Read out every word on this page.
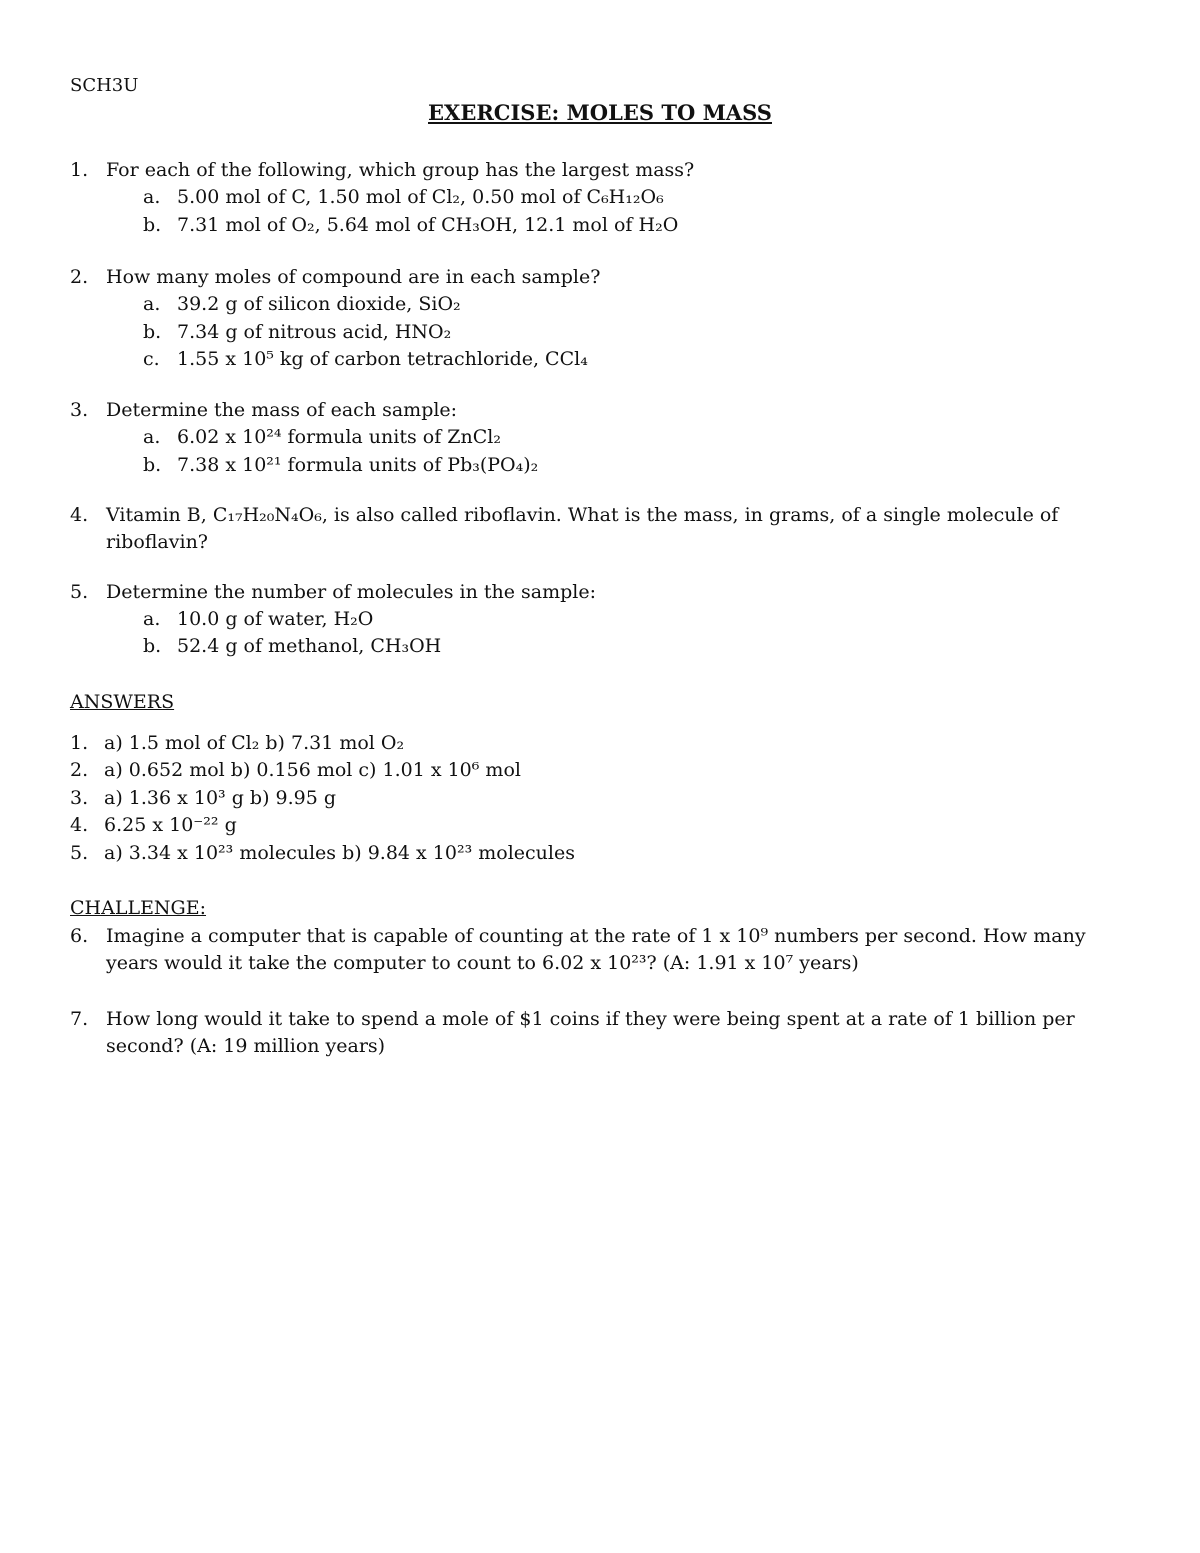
SCH3U
EXERCISE: MOLES TO MASS
1. For each of the following, which group has the largest mass?
a. 5.00 mol of C, 1.50 mol of Cl₂, 0.50 mol of C₆H₁₂O₆
b. 7.31 mol of O₂, 5.64 mol of CH₃OH, 12.1 mol of H₂O
2. How many moles of compound are in each sample?
a. 39.2 g of silicon dioxide, SiO₂
b. 7.34 g of nitrous acid, HNO₂
c. 1.55 x 10⁵ kg of carbon tetrachloride, CCl₄
3. Determine the mass of each sample:
a. 6.02 x 10²⁴ formula units of ZnCl₂
b. 7.38 x 10²¹ formula units of Pb₃(PO₄)₂
4. Vitamin B, C₁₇H₂₀N₄O₆, is also called riboflavin. What is the mass, in grams, of a single molecule of
riboflavin?
5. Determine the number of molecules in the sample:
a. 10.0 g of water, H₂O
b. 52.4 g of methanol, CH₃OH
ANSWERS
1. a) 1.5 mol of Cl₂ b) 7.31 mol O₂
2. a) 0.652 mol b) 0.156 mol c) 1.01 x 10⁶ mol
3. a) 1.36 x 10³ g b) 9.95 g
4. 6.25 x 10⁻²² g
5. a) 3.34 x 10²³ molecules b) 9.84 x 10²³ molecules
CHALLENGE:
6. Imagine a computer that is capable of counting at the rate of 1 x 10⁹ numbers per second. How many
years would it take the computer to count to 6.02 x 10²³? (A: 1.91 x 10⁷ years)
7. How long would it take to spend a mole of $1 coins if they were being spent at a rate of 1 billion per
second? (A: 19 million years)
